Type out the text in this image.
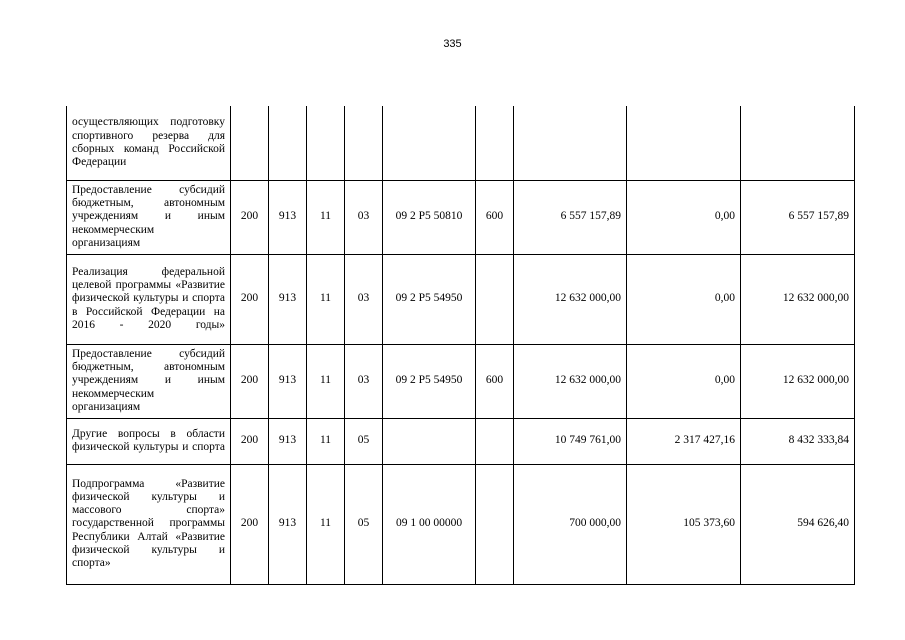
335
осуществляющих подготовку спортивного резерва для сборных команд Российской Федерации									
Предоставление субсидий бюджетным, автономным учреждениям и иным некоммерческим организациям	200	913	11	03	09 2 P5 50810	600	6 557 157,89	0,00	6 557 157,89
Реализация федеральной целевой программы «Развитие физической культуры и спорта в Российской Федерации на 2016 - 2020 годы»	200	913	11	03	09 2 P5 54950		12 632 000,00	0,00	12 632 000,00
Предоставление субсидий бюджетным, автономным учреждениям и иным некоммерческим организациям	200	913	11	03	09 2 P5 54950	600	12 632 000,00	0,00	12 632 000,00
Другие вопросы в области физической культуры и спорта	200	913	11	05			10 749 761,00	2 317 427,16	8 432 333,84
Подпрограмма «Развитие физической культуры и массового спорта» государственной программы Республики Алтай «Развитие физической культуры и спорта»	200	913	11	05	09 1 00 00000		700 000,00	105 373,60	594 626,40
